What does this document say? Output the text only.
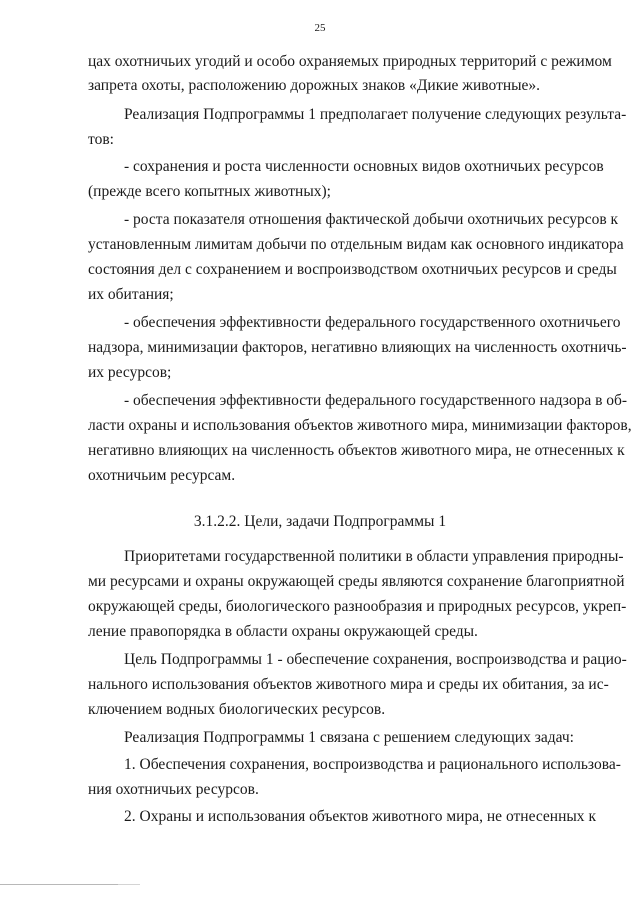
25
цах охотничьих угодий и особо охраняемых природных территорий с режимом
запрета охоты, расположению дорожных знаков «Дикие животные».
Реализация Подпрограммы 1 предполагает получение следующих результа-
тов:
- сохранения и роста численности основных видов охотничьих ресурсов
(прежде всего копытных животных);
- роста показателя отношения фактической добычи охотничьих ресурсов к
установленным лимитам добычи по отдельным видам как основного индикатора
состояния дел с сохранением и воспроизводством охотничьих ресурсов и среды
их обитания;
- обеспечения эффективности федерального государственного охотничьего
надзора, минимизации факторов, негативно влияющих на численность охотничь-
их ресурсов;
- обеспечения эффективности федерального государственного надзора в об-
ласти охраны и использования объектов животного мира, минимизации факторов,
негативно влияющих на численность объектов животного мира, не отнесенных к
охотничьим ресурсам.
3.1.2.2. Цели, задачи Подпрограммы 1
Приоритетами государственной политики в области управления природны-
ми ресурсами и охраны окружающей среды являются сохранение благоприятной
окружающей среды, биологического разнообразия и природных ресурсов, укреп-
ление правопорядка в области охраны окружающей среды.
Цель Подпрограммы 1 - обеспечение сохранения, воспроизводства и рацио-
нального использования объектов животного мира и среды их обитания, за ис-
ключением водных биологических ресурсов.
Реализация Подпрограммы 1 связана с решением следующих задач:
1. Обеспечения сохранения, воспроизводства и рационального использова-
ния охотничьих ресурсов.
2. Охраны и использования объектов животного мира, не отнесенных к
